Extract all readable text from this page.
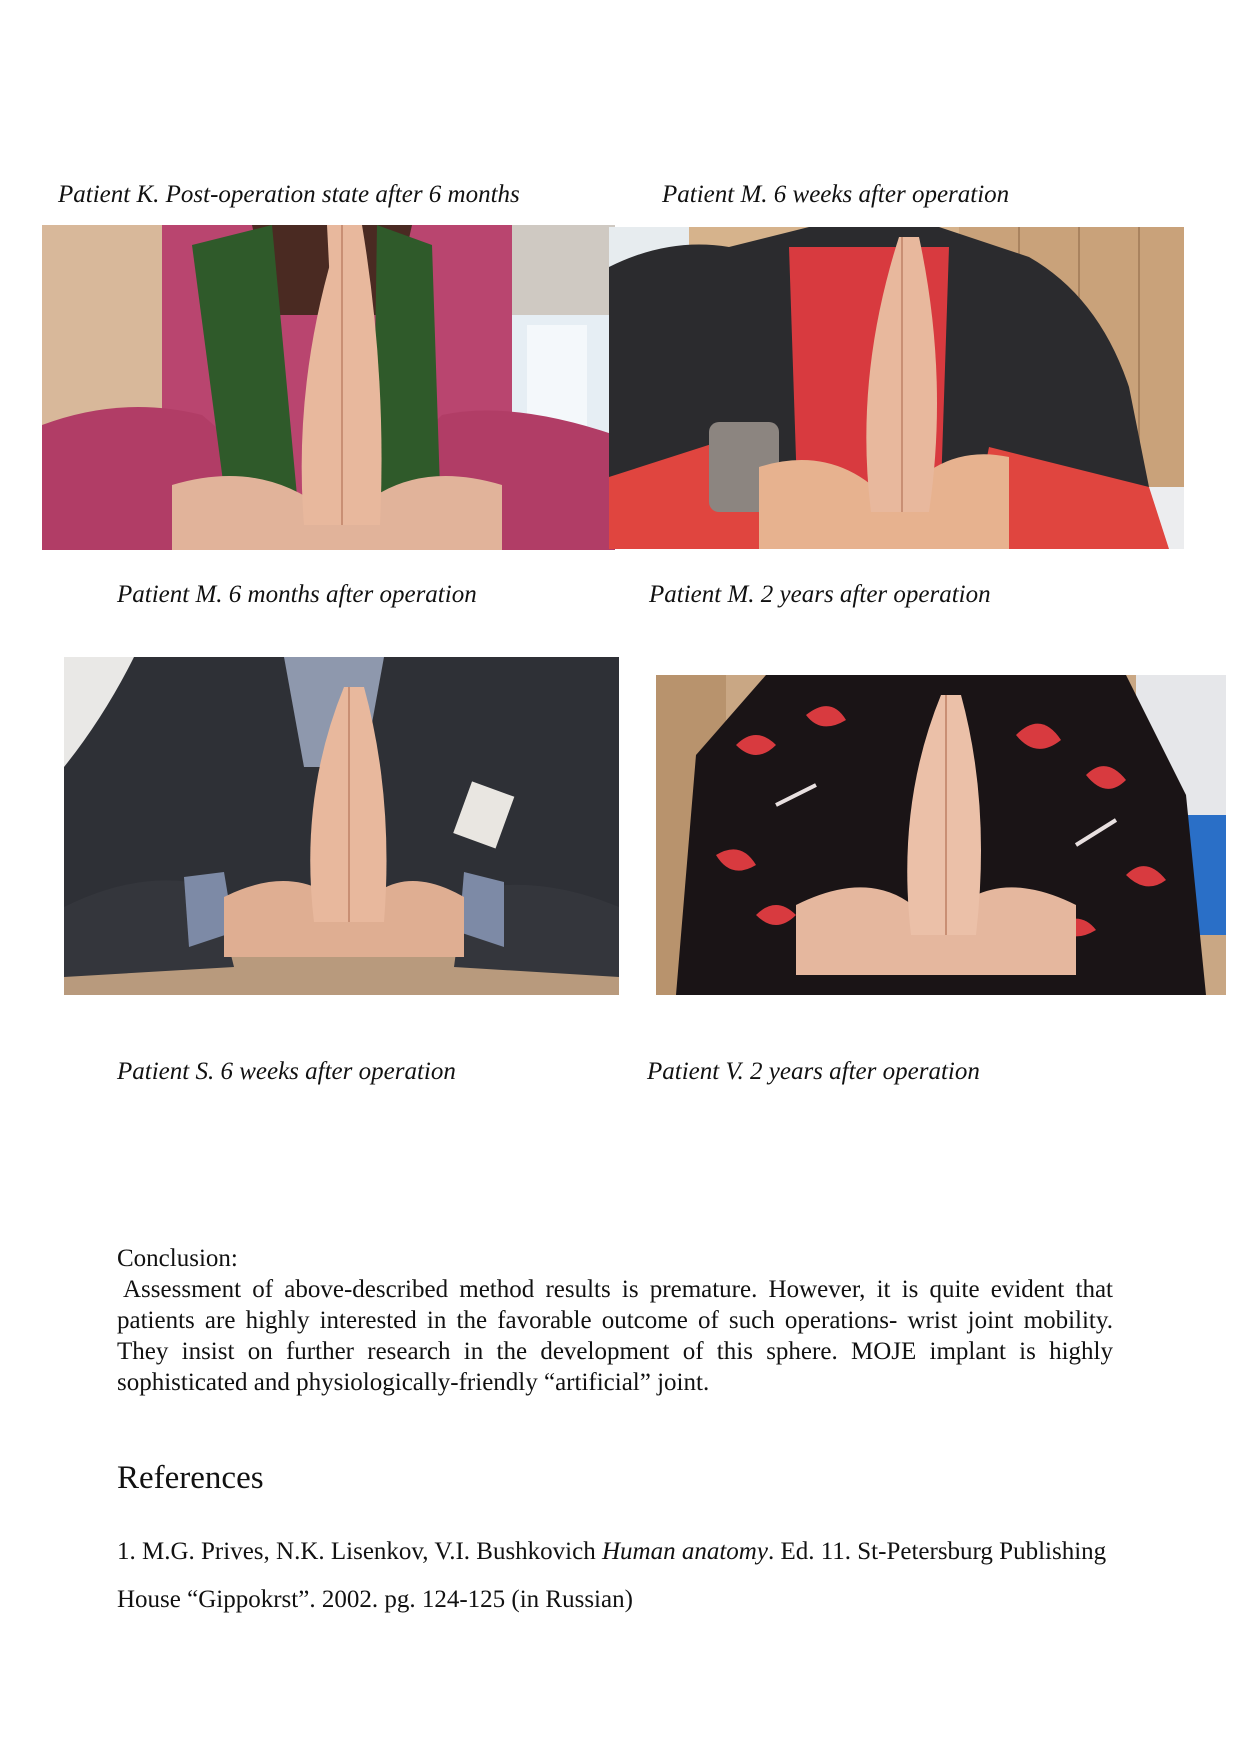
Patient K. Post-operation state after 6 months	Patient M. 6 weeks after operation
Patient M. 6 months after operation	Patient M. 2 years after operation
Patient S. 6 weeks after operation	Patient V. 2 years after operation
Conclusion:
Assessment of above-described method results is premature. However, it is quite evident that patients are highly interested in the favorable outcome of such operations- wrist joint mobility. They insist on further research in the development of this sphere. MOJE implant is highly sophisticated and physiologically-friendly “artificial” joint.
References
1. M.G. Prives, N.K. Lisenkov, V.I. Bushkovich Human anatomy. Ed. 11. St-Petersburg Publishing House “Gippokrst”. 2002. pg. 124-125 (in Russian)
